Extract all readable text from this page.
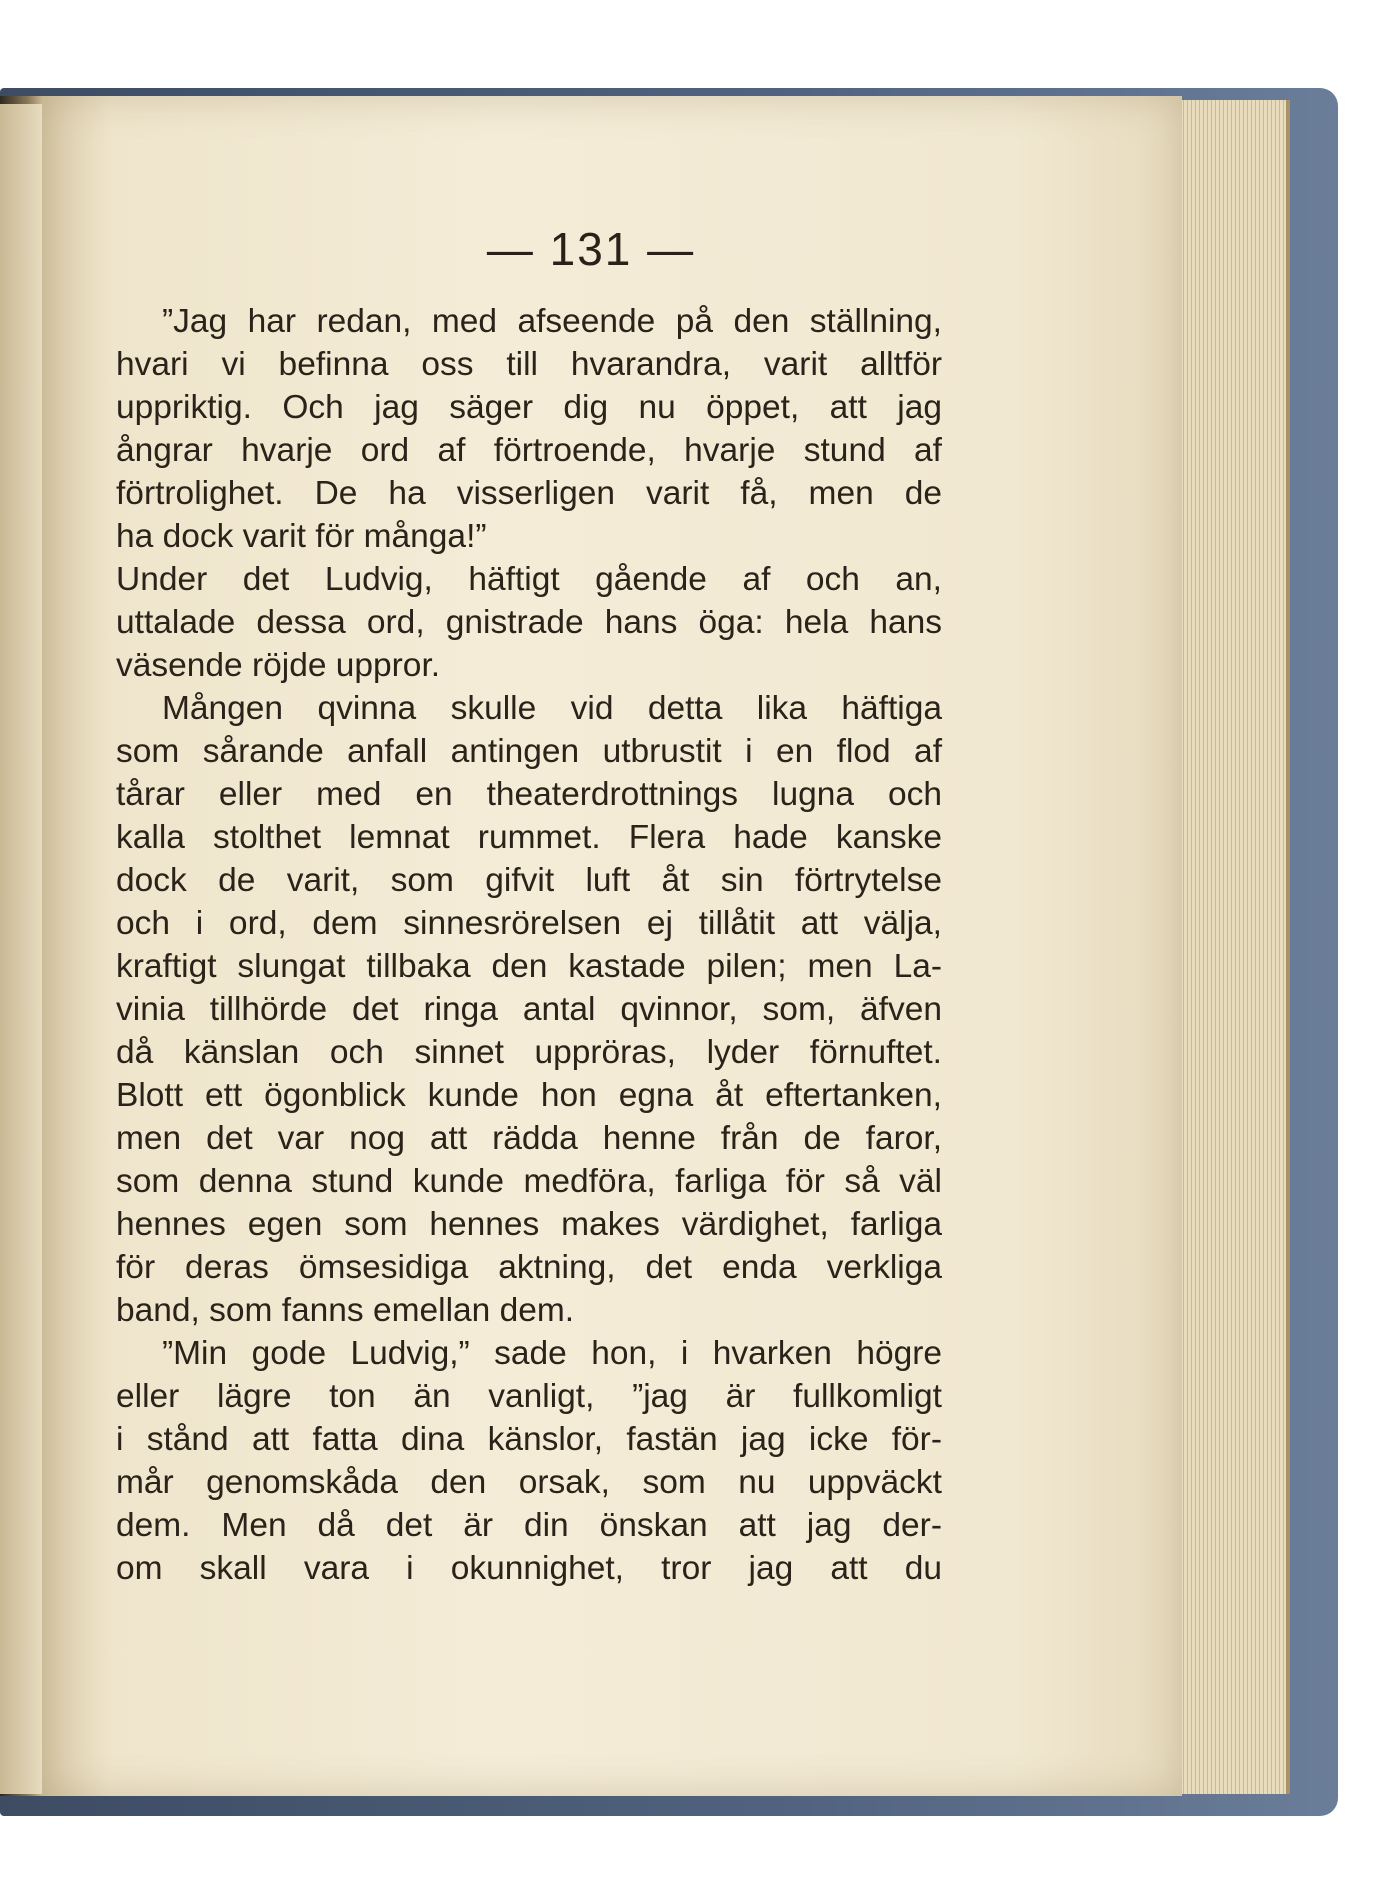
— 131 —
”Jag har redan, med afseende på den ställning,
hvari vi befinna oss till hvarandra, varit alltför
uppriktig. Och jag säger dig nu öppet, att jag
ångrar hvarje ord af förtroende, hvarje stund af
förtrolighet. De ha visserligen varit få, men de
ha dock varit för många!”
Under det Ludvig, häftigt gående af och an,
uttalade dessa ord, gnistrade hans öga: hela hans
väsende röjde uppror.
Mången qvinna skulle vid detta lika häftiga
som sårande anfall antingen utbrustit i en flod af
tårar eller med en theaterdrottnings lugna och
kalla stolthet lemnat rummet. Flera hade kanske
dock de varit, som gifvit luft åt sin förtrytelse
och i ord, dem sinnesrörelsen ej tillåtit att välja,
kraftigt slungat tillbaka den kastade pilen; men La-
vinia tillhörde det ringa antal qvinnor, som, äfven
då känslan och sinnet uppröras, lyder förnuftet.
Blott ett ögonblick kunde hon egna åt eftertanken,
men det var nog att rädda henne från de faror,
som denna stund kunde medföra, farliga för så väl
hennes egen som hennes makes värdighet, farliga
för deras ömsesidiga aktning, det enda verkliga
band, som fanns emellan dem.
”Min gode Ludvig,” sade hon, i hvarken högre
eller lägre ton än vanligt, ”jag är fullkomligt
i stånd att fatta dina känslor, fastän jag icke för-
mår genomskåda den orsak, som nu uppväckt
dem. Men då det är din önskan att jag der-
om skall vara i okunnighet, tror jag att du
